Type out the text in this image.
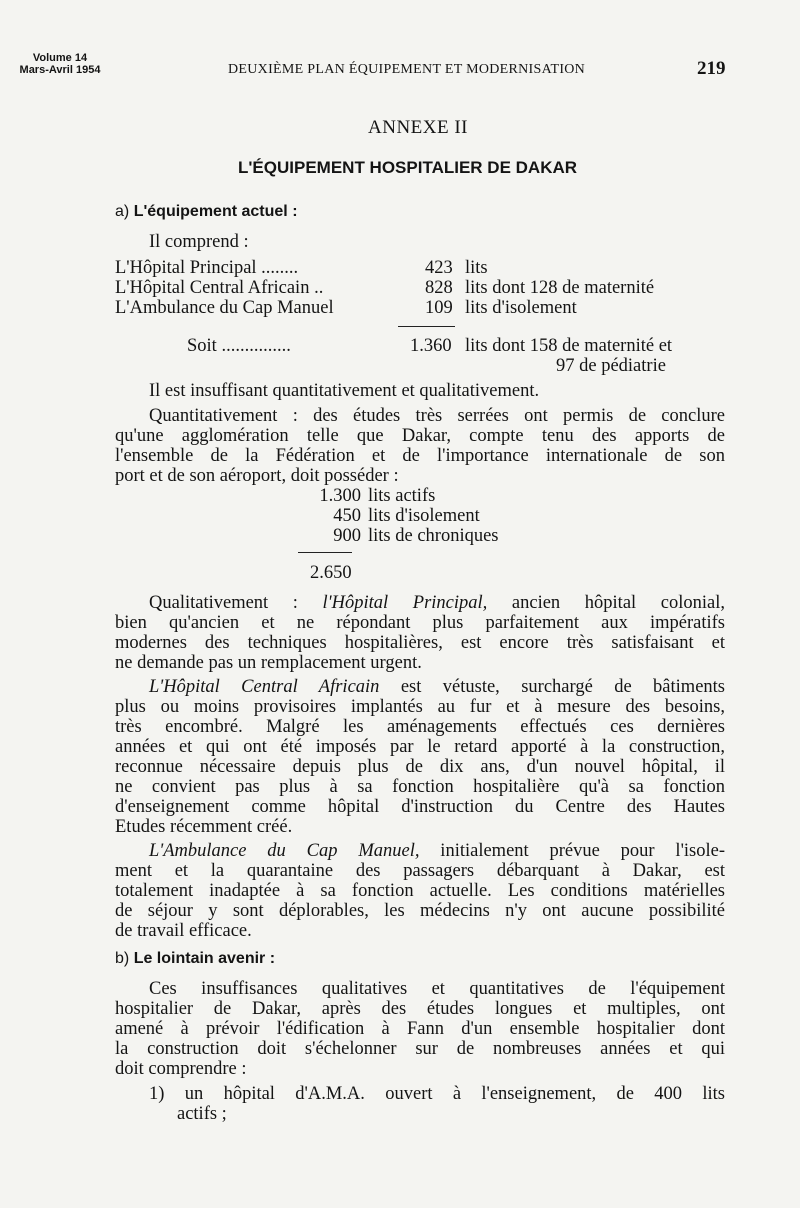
Volume 14
Mars-Avril 1954	DEUXIÈME PLAN ÉQUIPEMENT ET MODERNISATION	219
ANNEXE II
L'ÉQUIPEMENT HOSPITALIER DE DAKAR
a) L'équipement actuel :
Il comprend :
L'Hôpital Principal ........	423 lits
L'Hôpital Central Africain ..	828 lits dont 128 de maternité
L'Ambulance du Cap Manuel	109 lits d'isolement
Soit ...............	1.360 lits dont 158 de maternité et
97 de pédiatrie
Il est insuffisant quantitativement et qualitativement.
Quantitativement : des études très serrées ont permis de conclure
qu'une agglomération telle que Dakar, compte tenu des apports de
l'ensemble de la Fédération et de l'importance internationale de son
port et de son aéroport, doit posséder :
1.300 lits actifs
450 lits d'isolement
900 lits de chroniques
2.650
Qualitativement : l'Hôpital Principal, ancien hôpital colonial,
bien qu'ancien et ne répondant plus parfaitement aux impératifs
modernes des techniques hospitalières, est encore très satisfaisant et
ne demande pas un remplacement urgent.
L'Hôpital Central Africain est vétuste, surchargé de bâtiments
plus ou moins provisoires implantés au fur et à mesure des besoins,
très encombré. Malgré les aménagements effectués ces dernières
années et qui ont été imposés par le retard apporté à la construction,
reconnue nécessaire depuis plus de dix ans, d'un nouvel hôpital, il
ne convient pas plus à sa fonction hospitalière qu'à sa fonction
d'enseignement comme hôpital d'instruction du Centre des Hautes
Etudes récemment créé.
L'Ambulance du Cap Manuel, initialement prévue pour l'isole-
ment et la quarantaine des passagers débarquant à Dakar, est
totalement inadaptée à sa fonction actuelle. Les conditions matérielles
de séjour y sont déplorables, les médecins n'y ont aucune possibilité
de travail efficace.
b) Le lointain avenir :
Ces insuffisances qualitatives et quantitatives de l'équipement
hospitalier de Dakar, après des études longues et multiples, ont
amené à prévoir l'édification à Fann d'un ensemble hospitalier dont
la construction doit s'échelonner sur de nombreuses années et qui
doit comprendre :
1) un hôpital d'A.M.A. ouvert à l'enseignement, de 400 lits
actifs ;
